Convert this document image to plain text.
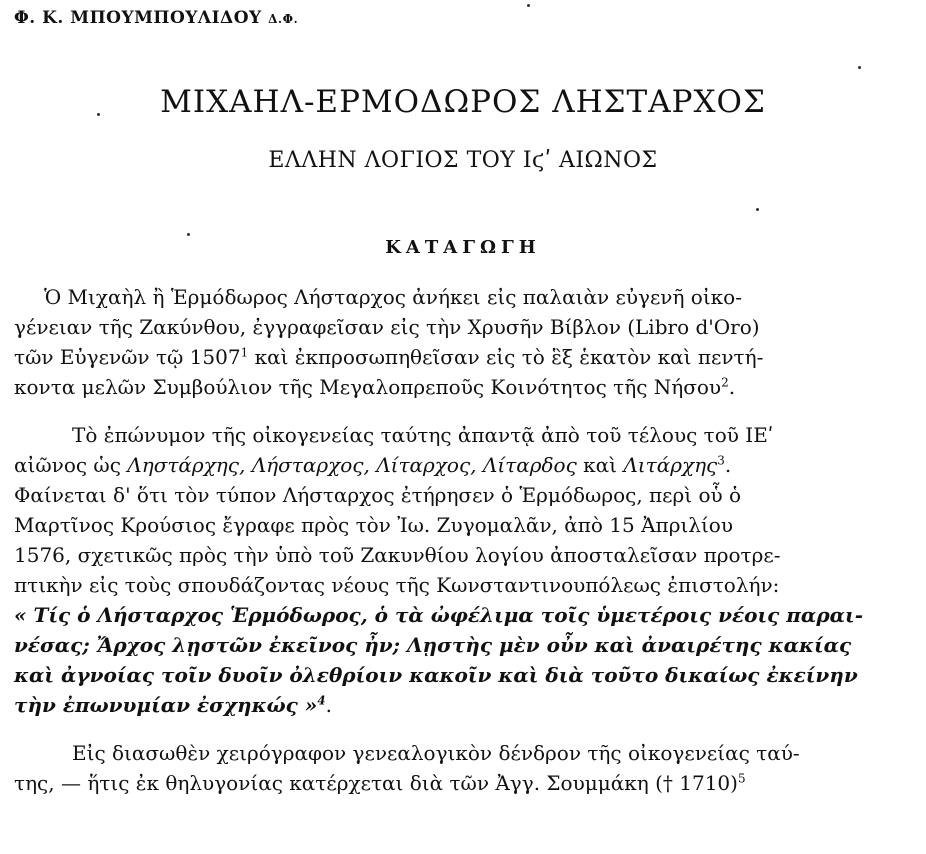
Φ. Κ. ΜΠΟΥΜΠΟΥΛΙΔΟΥ Δ.Φ.
ΜΙΧΑΗΛ-ΕΡΜΟΔΩΡΟΣ ΛΗΣΤΑΡΧΟΣ
ΕΛΛΗΝ ΛΟΓΙΟΣ ΤΟΥ Ιϛʹ ΑΙΩΝΟΣ
ΚΑΤΑΓΩΓΗ
Ὁ Μιχαὴλ ἢ Ἑρμόδωρος Λήσταρχος ἀνήκει εἰς παλαιὰν εὐγενῆ οἰκο-
γένειαν τῆς Ζακύνθου, ἐγγραφεῖσαν εἰς τὴν Χρυσῆν Βίβλον (Libro d'Oro)
τῶν Εὐγενῶν τῷ 1507$^1$ καὶ ἐκπροσωπηθεῖσαν εἰς τὸ ἓξ ἑκατὸν καὶ πεντή-
κοντα μελῶν Συμβούλιον τῆς Μεγαλοπρεποῦς Κοινότητος τῆς Νήσου$^2$.
Τὸ ἐπώνυμον τῆς οἰκογενείας ταύτης ἀπαντᾷ ἀπὸ τοῦ τέλους τοῦ ΙΕʹ
αἰῶνος ὡς Ληστάρχης, Λήσταρχος, Λίταρχος, Λίταρδος καὶ Λιτάρχης$^3$.
Φαίνεται δ' ὅτι τὸν τύπον Λήσταρχος ἐτήρησεν ὁ Ἑρμόδωρος, περὶ οὗ ὁ
Μαρτῖνος Κρούσιος ἔγραφε πρὸς τὸν Ἰω. Ζυγομαλᾶν, ἀπὸ 15 Ἀπριλίου
1576, σχετικῶς πρὸς τὴν ὑπὸ τοῦ Ζακυνθίου λογίου ἀποσταλεῖσαν προτρε-
πτικὴν εἰς τοὺς σπουδάζοντας νέους τῆς Κωνσταντινουπόλεως ἐπιστολήν:
« Τίς ὁ Λήσταρχος Ἑρμόδωρος, ὁ τὰ ὠφέλιμα τοῖς ὑμετέροις νέοις παραι-
νέσας; Ἄρχος λῃστῶν ἐκεῖνος ἦν; Λῃστὴς μὲν οὖν καὶ ἀναιρέτης κακίας
καὶ ἀγνοίας τοῖν δυοῖν ὀλεθρίοιν κακοῖν καὶ διὰ τοῦτο δικαίως ἐκείνην
τὴν ἐπωνυμίαν ἐσχηκώς »$^4$.
Εἰς διασωθὲν χειρόγραφον γενεαλογικὸν δένδρον τῆς οἰκογενείας ταύ-
της, — ἥτις ἐκ θηλυγονίας κατέρχεται διὰ τῶν Ἀγγ. Σουμμάκη († 1710)$^5$
